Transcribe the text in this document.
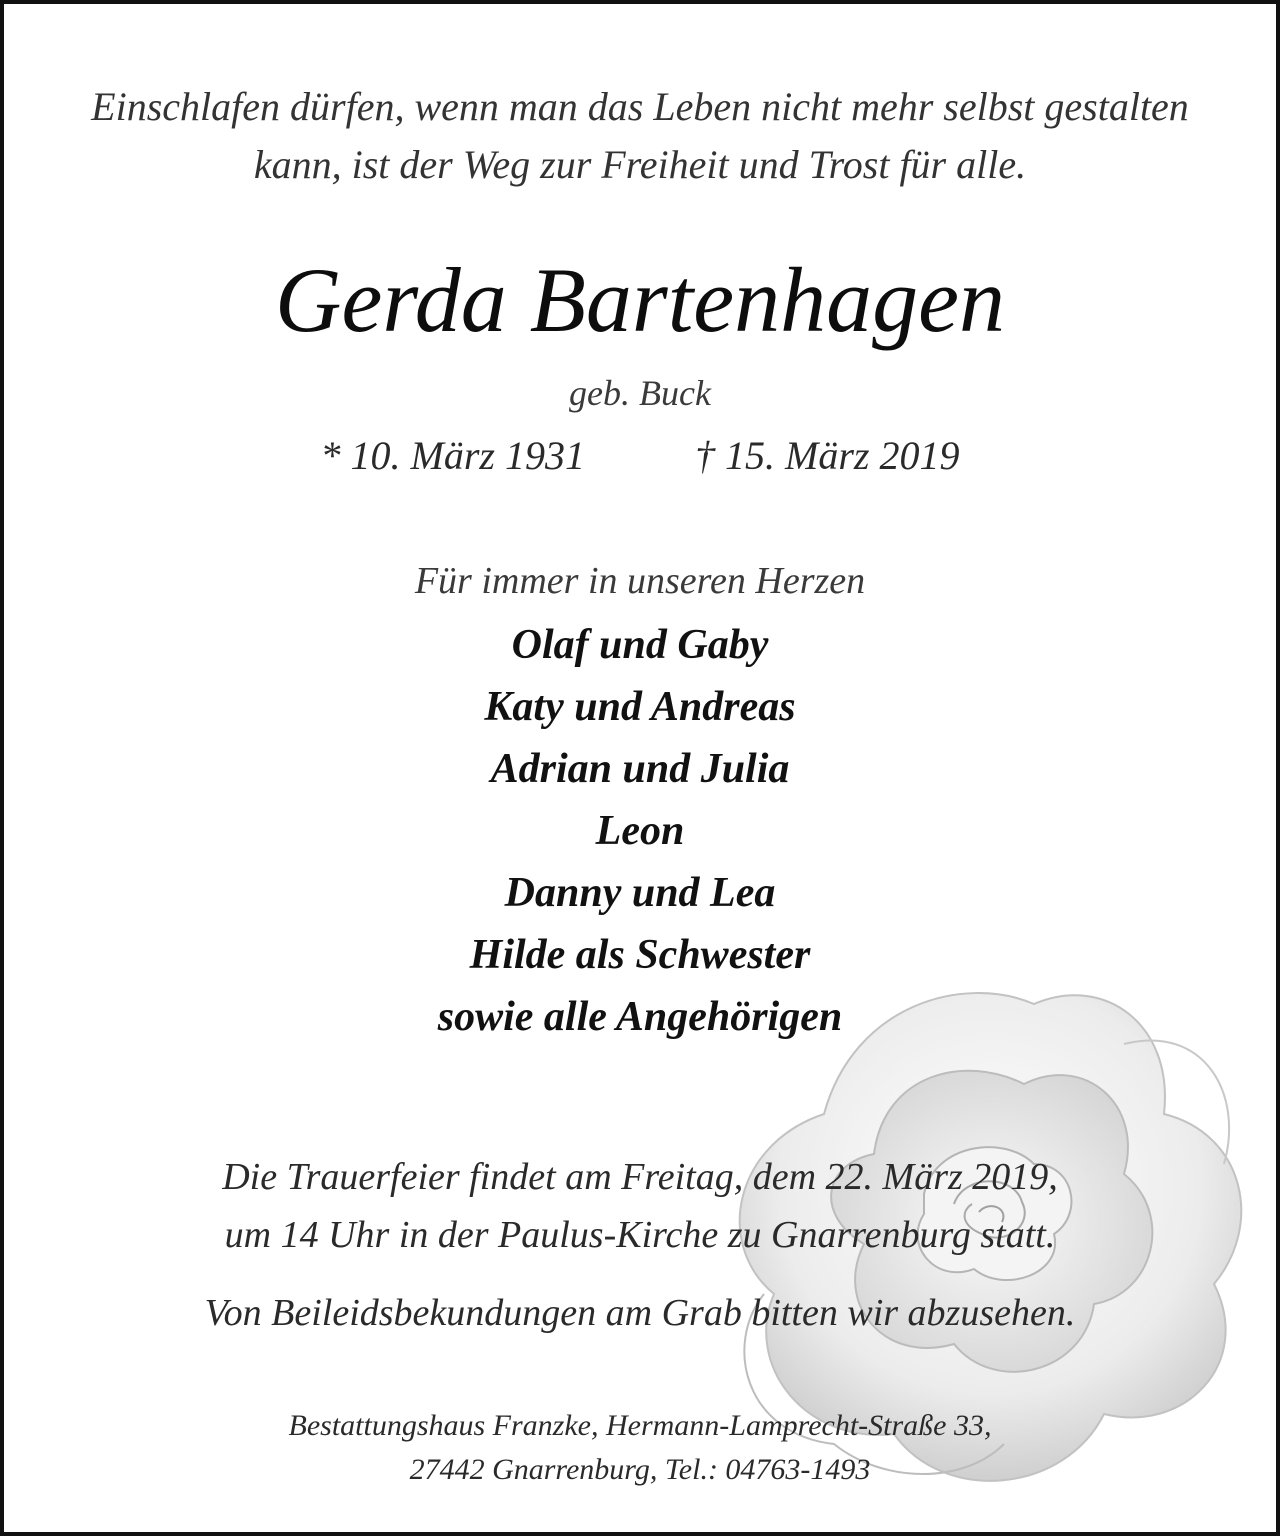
Einschlafen dürfen, wenn man das Leben nicht mehr selbst gestalten
kann, ist der Weg zur Freiheit und Trost für alle.
Gerda Bartenhagen
geb. Buck
* 10. März 1931	† 15. März 2019
Für immer in unseren Herzen
Olaf und Gaby
Katy und Andreas
Adrian und Julia
Leon
Danny und Lea
Hilde als Schwester
sowie alle Angehörigen
Die Trauerfeier findet am Freitag, dem 22. März 2019,
um 14 Uhr in der Paulus-Kirche zu Gnarrenburg statt.
Von Beileidsbekundungen am Grab bitten wir abzusehen.
Bestattungshaus Franzke, Hermann-Lamprecht-Straße 33,
27442 Gnarrenburg, Tel.: 04763-1493
